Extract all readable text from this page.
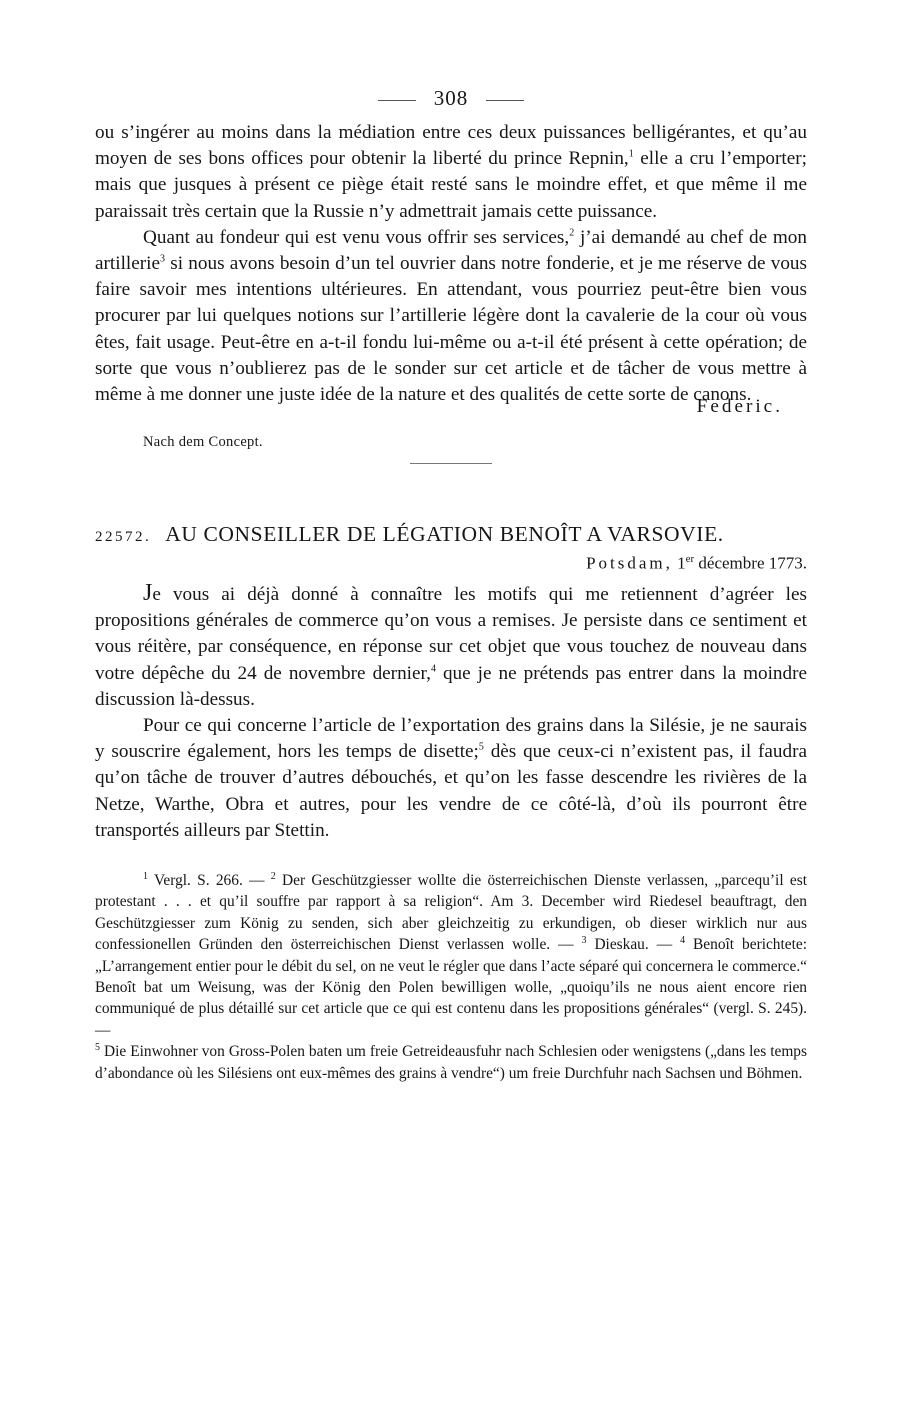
308

ou s’ingérer au moins dans la médiation entre ces deux puissances belligérantes, et qu’au moyen de ses bons offices pour obtenir la liberté du prince Repnin,$^1$ elle a cru l’emporter; mais que jusques à présent ce piège était resté sans le moindre effet, et que même il me paraissait très certain que la Russie n’y admettrait jamais cette puissance.

Quant au fondeur qui est venu vous offrir ses services,$^2$ j’ai demandé au chef de mon artillerie$^3$ si nous avons besoin d’un tel ouvrier dans notre fonderie, et je me réserve de vous faire savoir mes intentions ultérieures. En attendant, vous pourriez peut-être bien vous procurer par lui quelques notions sur l’artillerie légère dont la cavalerie de la cour où vous êtes, fait usage. Peut-être en a-t-il fondu lui-même ou a-t-il été présent à cette opération; de sorte que vous n’oublierez pas de le sonder sur cet article et de tâcher de vous mettre à même à me donner une juste idée de la nature et des qualités de cette sorte de canons.

Federic.
Nach dem Concept.
22572. AU CONSEILLER DE LÉGATION BENOÎT A VARSOVIE.
Potsdam, 1er décembre 1773.

Je vous ai déjà donné à connaître les motifs qui me retiennent d’agréer les propositions générales de commerce qu’on vous a remises. Je persiste dans ce sentiment et vous réitère, par conséquence, en réponse sur cet objet que vous touchez de nouveau dans votre dépêche du 24 de novembre dernier,$^4$ que je ne prétends pas entrer dans la moindre discussion là-dessus.

Pour ce qui concerne l’article de l’exportation des grains dans la Silésie, je ne saurais y souscrire également, hors les temps de disette;$^5$ dès que ceux-ci n’existent pas, il faudra qu’on tâche de trouver d’autres débouchés, et qu’on les fasse descendre les rivières de la Netze, Warthe, Obra et autres, pour les vendre de ce côté-là, d’où ils pourront être transportés ailleurs par Stettin.

$^1$ Vergl. S. 266. — $^2$ Der Geschützgiesser wollte die österreichischen Dienste verlassen, „parcequ’il est protestant . . . et qu’il souffre par rapport à sa religion“. Am 3. December wird Riedesel beauftragt, den Geschützgiesser zum König zu senden, sich aber gleichzeitig zu erkundigen, ob dieser wirklich nur aus confessionellen Gründen den österreichischen Dienst verlassen wolle. — $^3$ Dieskau. — $^4$ Benoît berichtete: „L’arrangement entier pour le débit du sel, on ne veut le régler que dans l’acte séparé qui concernera le commerce.“ Benoît bat um Weisung, was der König den Polen bewilligen wolle, „quoiqu’ils ne nous aient encore rien communiqué de plus détaillé sur cet article que ce qui est contenu dans les propositions générales“ (vergl. S. 245). —
$^5$ Die Einwohner von Gross-Polen baten um freie Getreideausfuhr nach Schlesien oder wenigstens („dans les temps d’abondance où les Silésiens ont eux-mêmes des grains à vendre“) um freie Durchfuhr nach Sachsen und Böhmen.
